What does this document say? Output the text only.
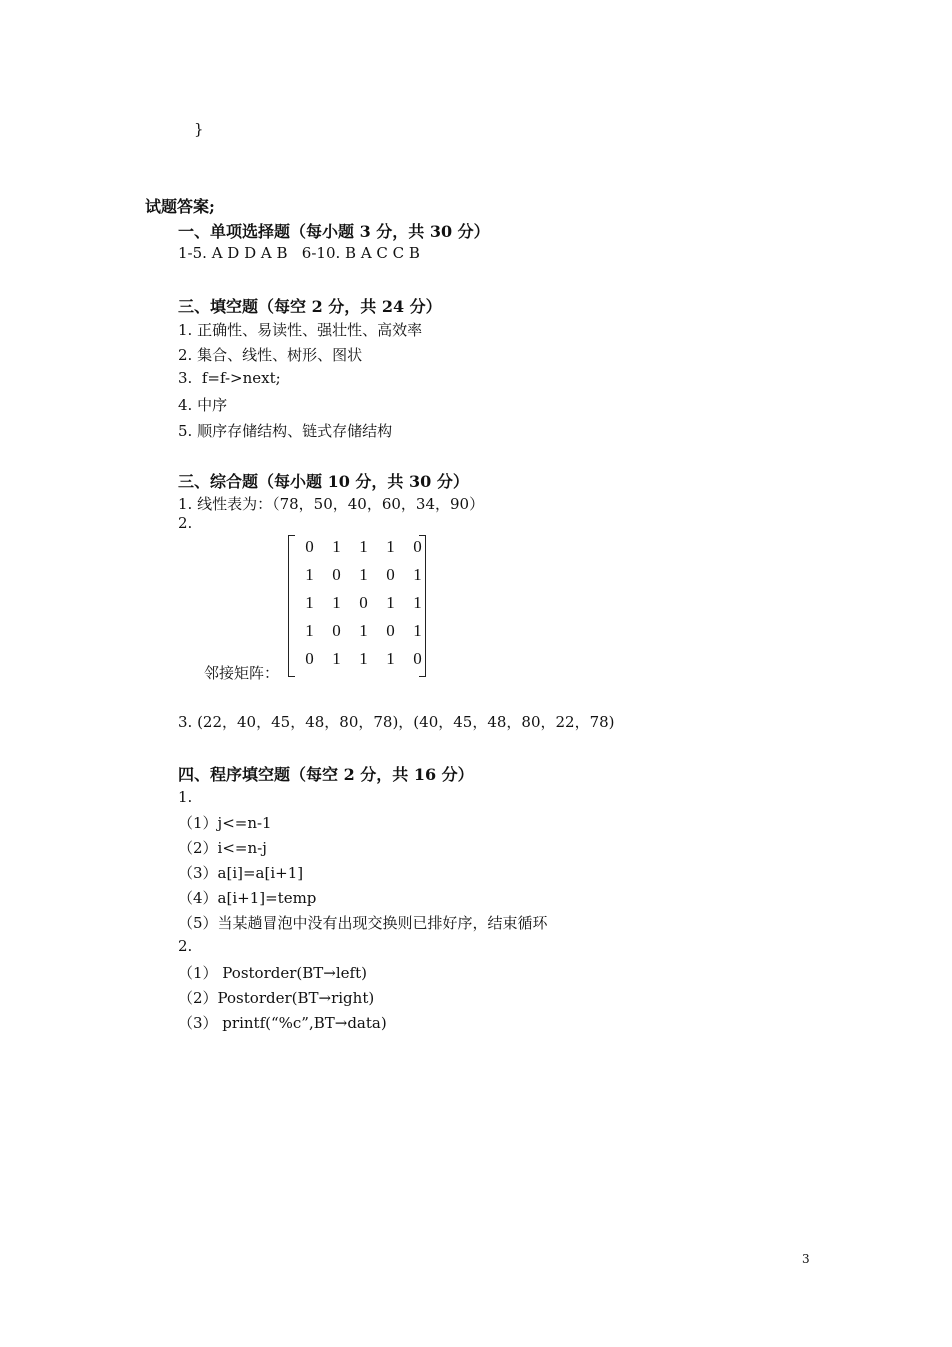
}
试题答案;
一、单项选择题（每小题 3 分，共 30 分）
1-5. A D D A B   6-10. B A C C B
三、填空题（每空 2 分，共 24 分）
1. 正确性、易读性、强壮性、高效率
2. 集合、线性、树形、图状
3.  f=f->next;
4. 中序
5. 顺序存储结构、链式存储结构
三、综合题（每小题 10 分，共 30 分）
1. 线性表为：（78，50，40，60，34，90）
2.
邻接矩阵：
0	1	1	1	0
1	0	1	0	1
1	1	0	1	1
1	0	1	0	1
0	1	1	1	0
3. (22，40，45，48，80，78)，(40，45，48，80，22，78)
四、程序填空题（每空 2 分，共 16 分）
1.
（1）j<=n-1
（2）i<=n-j
（3）a[i]=a[i+1]
（4）a[i+1]=temp
（5）当某趟冒泡中没有出现交换则已排好序，结束循环
2.
（1） Postorder(BT→left)
（2）Postorder(BT→right)
（3） printf(“%c”,BT→data)
3
